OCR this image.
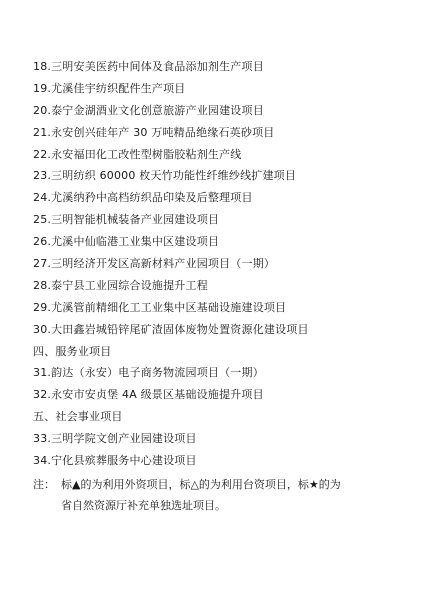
18.三明安美医药中间体及食品添加剂生产项目
19.尤溪佳宇纺织配件生产项目
20.泰宁金湖酒业文化创意旅游产业园建设项目
21.永安创兴硅年产 30 万吨精品绝缘石英砂项目
22.永安福田化工改性型树脂胶粘剂生产线
23.三明纺织 60000 枚天竹功能性纤维纱线扩建项目
24.尤溪纳矜中高档纺织品印染及后整理项目
25.三明智能机械装备产业园建设项目
26.尤溪中仙临港工业集中区建设项目
27.三明经济开发区高新材料产业园项目（一期）
28.泰宁县工业园综合设施提升工程
29.尤溪管前精细化工工业集中区基础设施建设项目
30.大田鑫岩城铅锌尾矿渣固体废物处置资源化建设项目
四、服务业项目
31.韵达（永安）电子商务物流园项目（一期）
32.永安市安贞堡 4A 级景区基础设施提升项目
五、社会事业项目
33.三明学院文创产业园建设项目
34.宁化县殡葬服务中心建设项目
注： 标▲的为利用外资项目，标△的为利用台资项目，标★的为
省自然资源厅补充单独选址项目。
